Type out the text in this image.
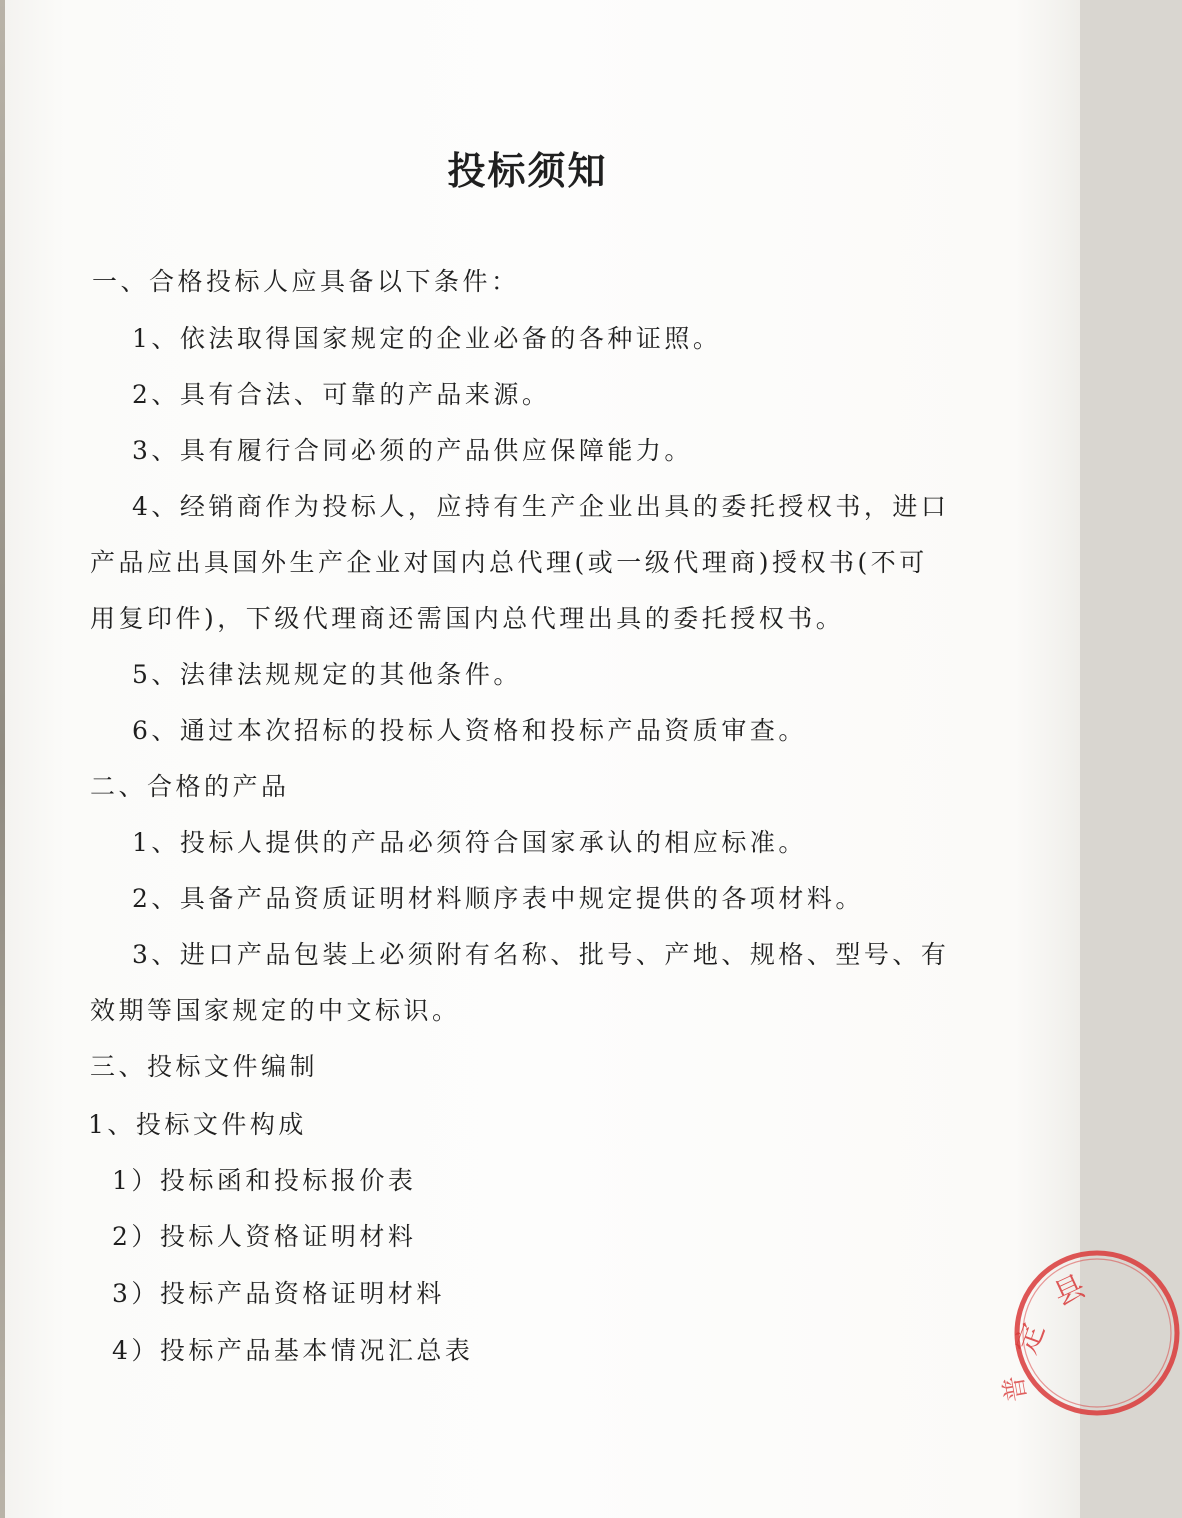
投标须知
一、合格投标人应具备以下条件：
1、依法取得国家规定的企业必备的各种证照。
2、具有合法、可靠的产品来源。
3、具有履行合同必须的产品供应保障能力。
4、经销商作为投标人，应持有生产企业出具的委托授权书，进口
产品应出具国外生产企业对国内总代理(或一级代理商)授权书(不可
用复印件)，下级代理商还需国内总代理出具的委托授权书。
5、法律法规规定的其他条件。
6、通过本次招标的投标人资格和投标产品资质审查。
二、合格的产品
1、投标人提供的产品必须符合国家承认的相应标准。
2、具备产品资质证明材料顺序表中规定提供的各项材料。
3、进口产品包装上必须附有名称、批号、产地、规格、型号、有
效期等国家规定的中文标识。
三、投标文件编制
1、投标文件构成
1）投标函和投标报价表
2）投标人资格证明材料
3）投标产品资格证明材料
4）投标产品基本情况汇总表
县
定
普
